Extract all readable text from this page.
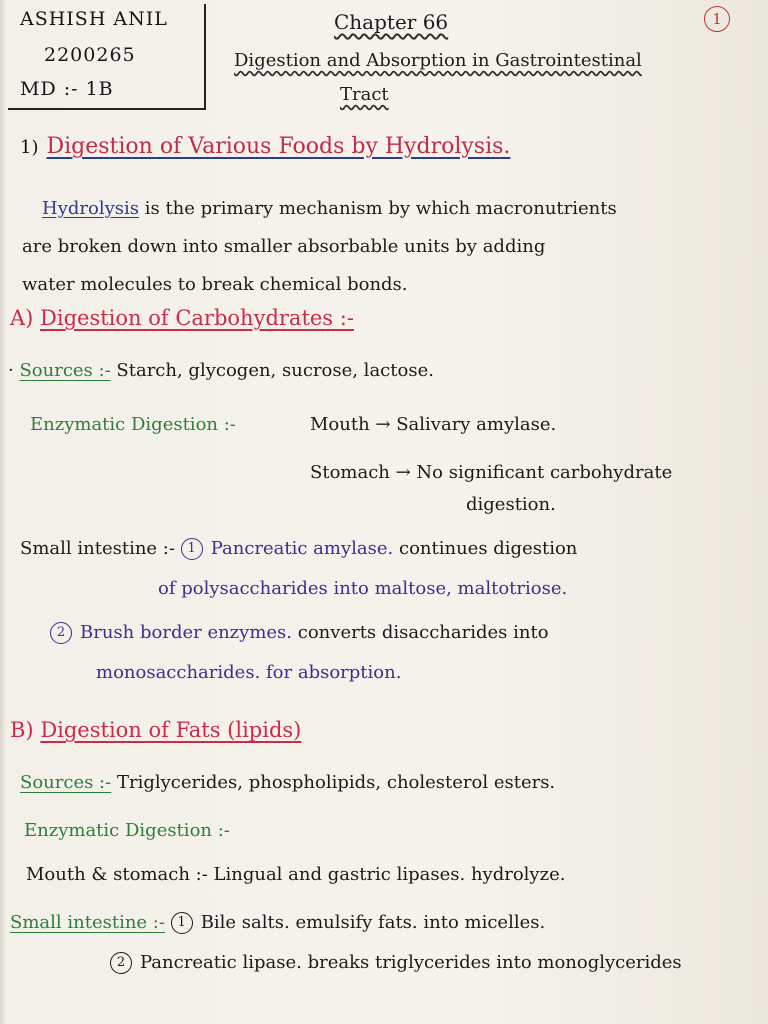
ASHISH ANIL
2200265
MD :- 1B
1
Chapter 66
Digestion and Absorption in Gastrointestinal
Tract
1) Digestion of Various Foods by Hydrolysis.
Hydrolysis is the primary mechanism by which macronutrients
are broken down into smaller absorbable units by adding
water molecules to break chemical bonds.
A) Digestion of Carbohydrates :-
· Sources :- Starch, glycogen, sucrose, lactose.
Enzymatic Digestion :-	Mouth → Salivary amylase.
Stomach → No significant carbohydrate
digestion.
Small intestine :- 1 Pancreatic amylase. continues digestion
of polysaccharides into maltose, maltotriose.
2 Brush border enzymes. converts disaccharides into
monosaccharides. for absorption.
B) Digestion of Fats (lipids)
Sources :- Triglycerides, phospholipids, cholesterol esters.
Enzymatic Digestion :-
Mouth & stomach :- Lingual and gastric lipases. hydrolyze.
Small intestine :- 1 Bile salts. emulsify fats. into micelles.
2 Pancreatic lipase. breaks triglycerides into monoglycerides
